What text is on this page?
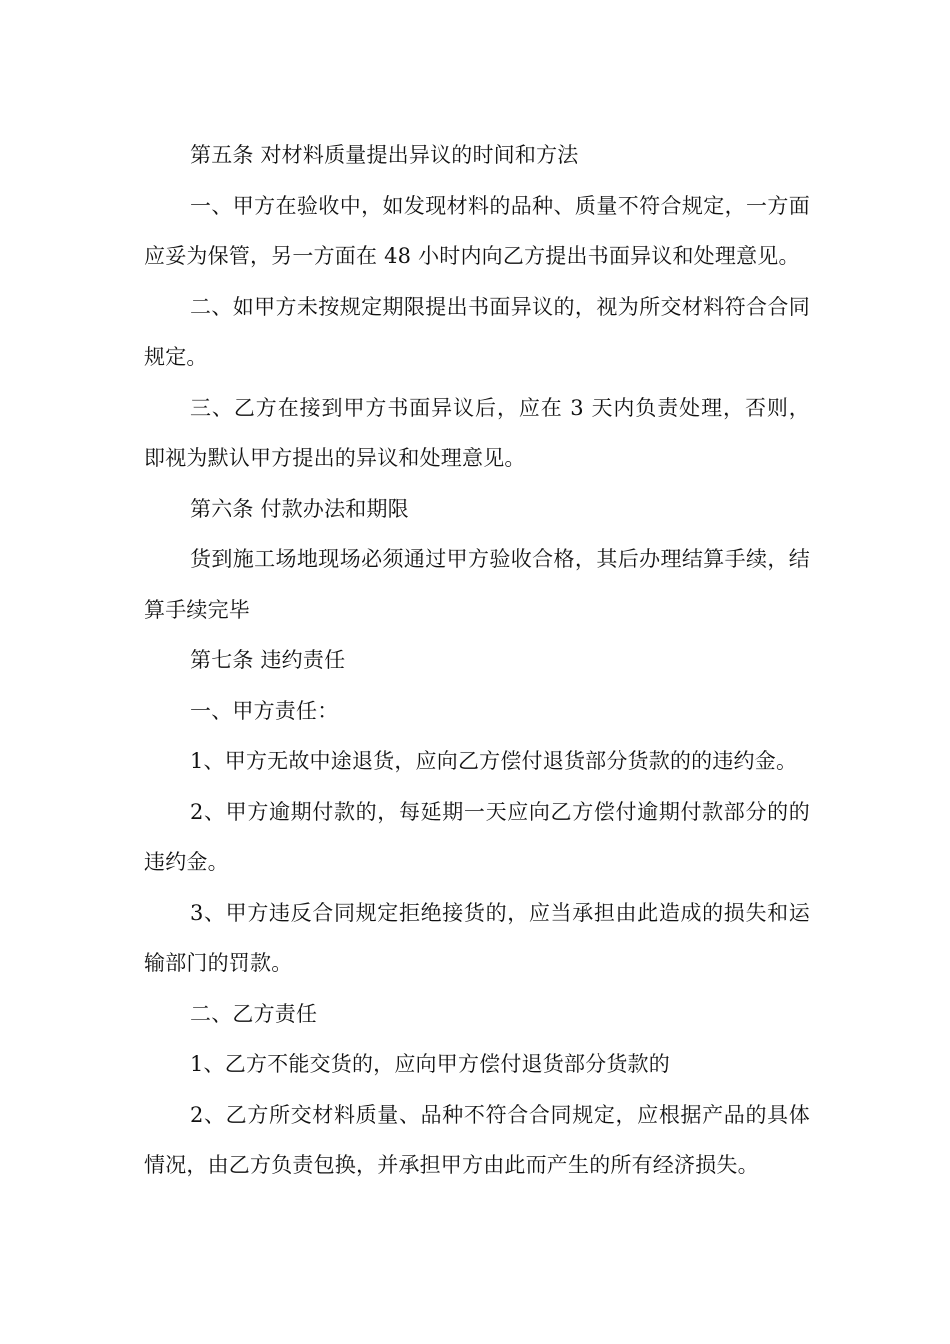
第五条 对材料质量提出异议的时间和方法

一、甲方在验收中，如发现材料的品种、质量不符合规定，一方面应妥为保管，另一方面在 48 小时内向乙方提出书面异议和处理意见。

二、如甲方未按规定期限提出书面异议的，视为所交材料符合合同规定。

三、乙方在接到甲方书面异议后，应在 3 天内负责处理，否则，即视为默认甲方提出的异议和处理意见。

第六条 付款办法和期限

货到施工场地现场必须通过甲方验收合格，其后办理结算手续，结算手续完毕

第七条 违约责任

一、甲方责任：

1、甲方无故中途退货，应向乙方偿付退货部分货款的的违约金。

2、甲方逾期付款的，每延期一天应向乙方偿付逾期付款部分的的违约金。

3、甲方违反合同规定拒绝接货的，应当承担由此造成的损失和运输部门的罚款。

二、乙方责任

1、乙方不能交货的，应向甲方偿付退货部分货款的

2、乙方所交材料质量、品种不符合合同规定，应根据产品的具体情况，由乙方负责包换，并承担甲方由此而产生的所有经济损失。
